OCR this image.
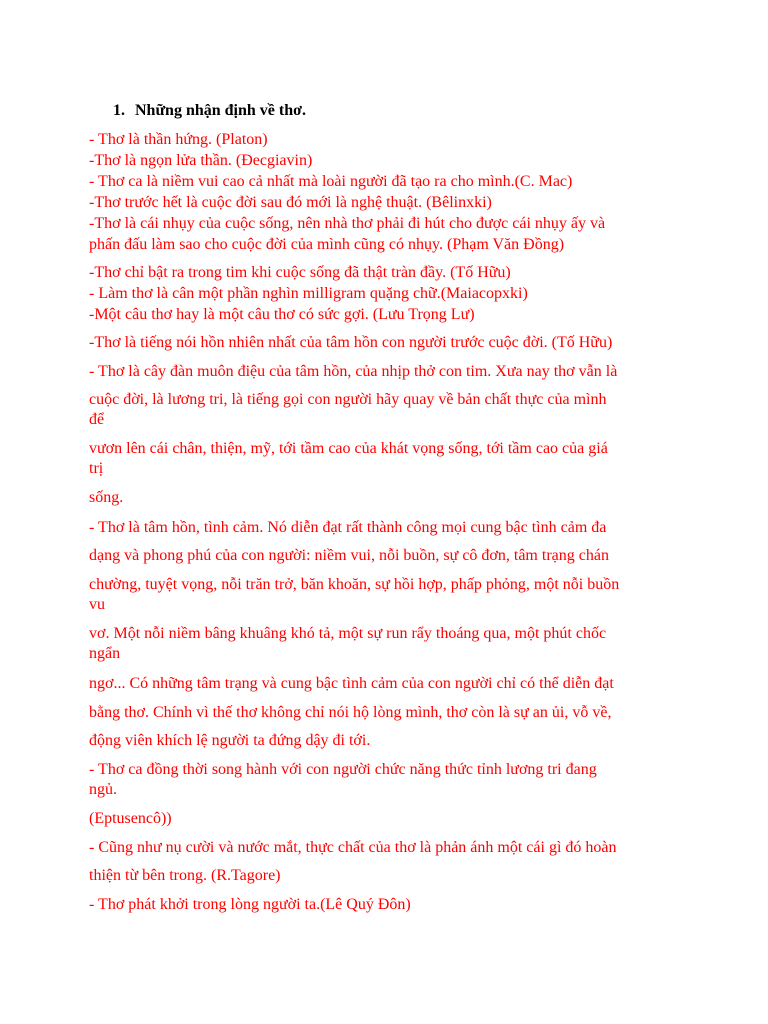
1. Những nhận định về thơ.
- Thơ là thần hứng. (Platon)
-Thơ là ngọn lửa thần. (Đecgiavin)
- Thơ ca là niềm vui cao cả nhất mà loài người đã tạo ra cho mình.(C. Mac)
-Thơ trước hết là cuộc đời sau đó mới là nghệ thuật. (Bêlinxki)
-Thơ là cái nhụy của cuộc sống, nên nhà thơ phải đi hút cho được cái nhụy ấy và
phấn đấu làm sao cho cuộc đời của mình cũng có nhụy. (Phạm Văn Đồng)
-Thơ chỉ bật ra trong tim khi cuộc sống đã thật tràn đầy. (Tố Hữu)
- Làm thơ là cân một phần nghìn milligram quặng chữ.(Maiacopxki)
-Một câu thơ hay là một câu thơ có sức gợi. (Lưu Trọng Lư)
-Thơ là tiếng nói hồn nhiên nhất của tâm hồn con người trước cuộc đời. (Tố Hữu)
- Thơ là cây đàn muôn điệu của tâm hồn, của nhịp thở con tim. Xưa nay thơ vẫn là
cuộc đời, là lương tri, là tiếng gọi con người hãy quay về bản chất thực của mình
để
vươn lên cái chân, thiện, mỹ, tới tầm cao của khát vọng sống, tới tầm cao của giá
trị
sống.
- Thơ là tâm hồn, tình cảm. Nó diễn đạt rất thành công mọi cung bậc tình cảm đa
dạng và phong phú của con người: niềm vui, nỗi buồn, sự cô đơn, tâm trạng chán
chường, tuyệt vọng, nỗi trăn trở, băn khoăn, sự hồi hợp, phấp phỏng, một nỗi buồn
vu
vơ. Một nỗi niềm bâng khuâng khó tả, một sự run rẩy thoáng qua, một phút chốc
ngẩn
ngơ... Có những tâm trạng và cung bậc tình cảm của con người chỉ có thể diễn đạt
bằng thơ. Chính vì thế thơ không chỉ nói hộ lòng mình, thơ còn là sự an ủi, vỗ về,
động viên khích lệ người ta đứng dậy đi tới.
- Thơ ca đồng thời song hành với con người chức năng thức tỉnh lương tri đang
ngủ.
(Eptusencô))
- Cũng như nụ cười và nước mắt, thực chất của thơ là phản ánh một cái gì đó hoàn
thiện từ bên trong. (R.Tagore)
- Thơ phát khởi trong lòng người ta.(Lê Quý Đôn)
